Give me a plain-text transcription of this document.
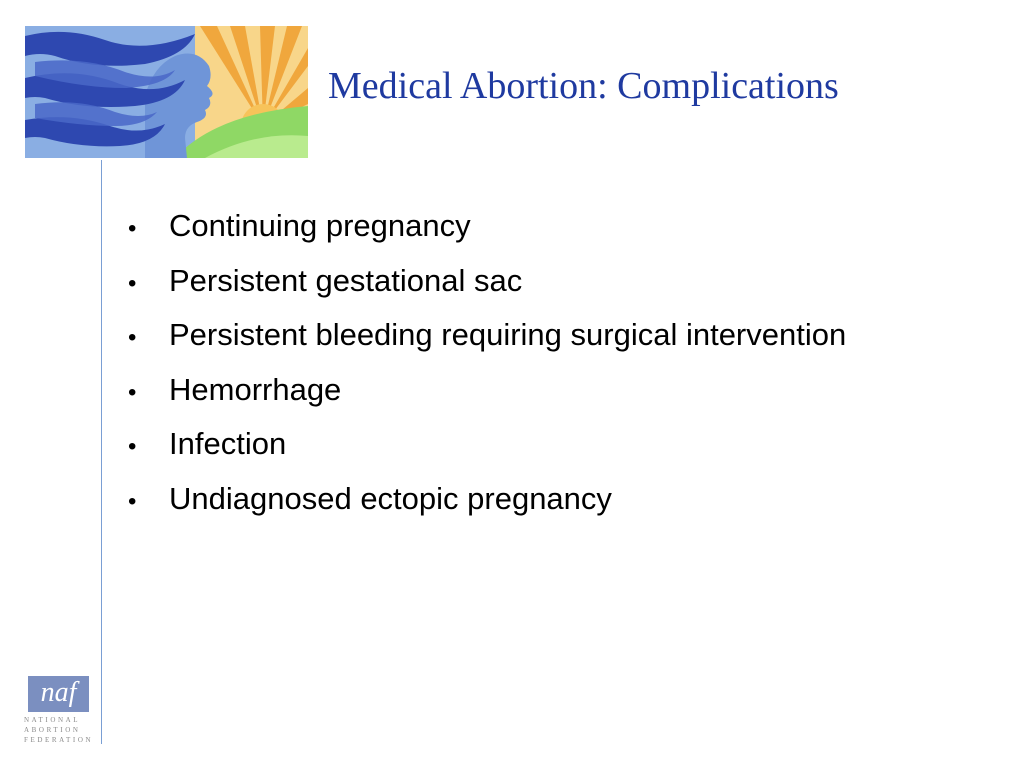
Medical Abortion: Complications
•	Continuing pregnancy
•	Persistent gestational sac
•	Persistent bleeding requiring surgical intervention
•	Hemorrhage
•	Infection
•	Undiagnosed ectopic pregnancy
naf
NATIONAL
ABORTION
FEDERATION
